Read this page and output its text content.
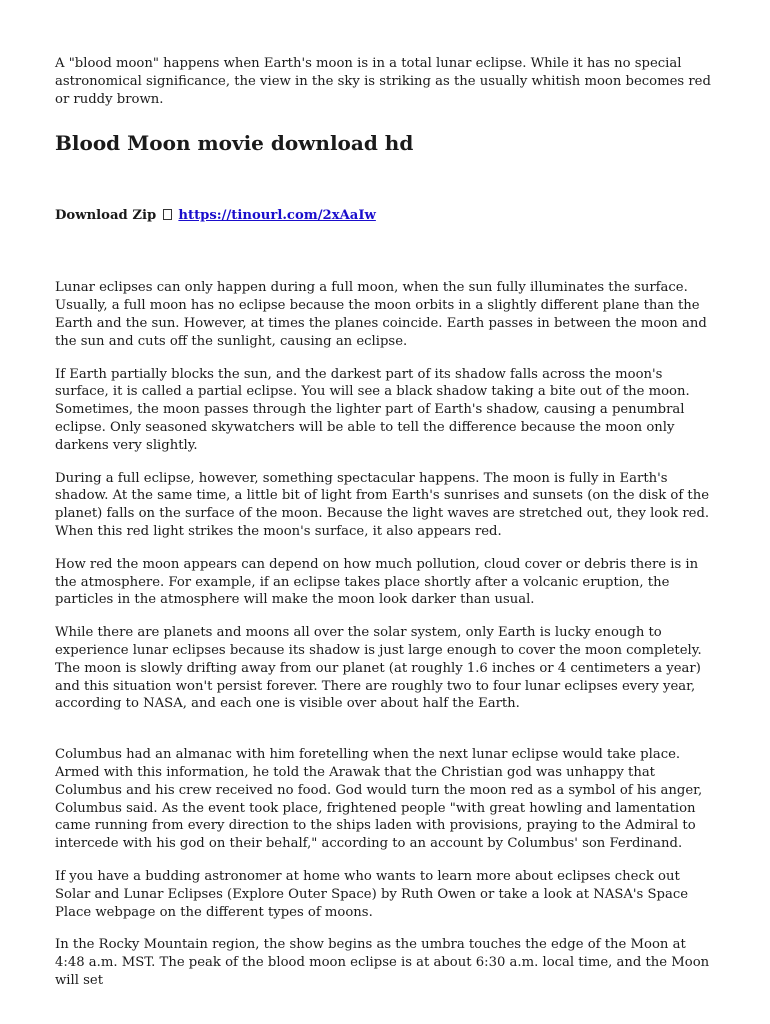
A "blood moon" happens when Earth's moon is in a total lunar eclipse. While it has no special astronomical significance, the view in the sky is striking as the usually whitish moon becomes red or ruddy brown.

Blood Moon movie download hd
Download Zip https://tinourl.com/2xAaIw

Lunar eclipses can only happen during a full moon, when the sun fully illuminates the surface. Usually, a full moon has no eclipse because the moon orbits in a slightly different plane than the Earth and the sun. However, at times the planes coincide. Earth passes in between the moon and the sun and cuts off the sunlight, causing an eclipse.

If Earth partially blocks the sun, and the darkest part of its shadow falls across the moon's surface, it is called a partial eclipse. You will see a black shadow taking a bite out of the moon. Sometimes, the moon passes through the lighter part of Earth's shadow, causing a penumbral eclipse. Only seasoned skywatchers will be able to tell the difference because the moon only darkens very slightly.

During a full eclipse, however, something spectacular happens. The moon is fully in Earth's shadow. At the same time, a little bit of light from Earth's sunrises and sunsets (on the disk of the planet) falls on the surface of the moon. Because the light waves are stretched out, they look red. When this red light strikes the moon's surface, it also appears red.

How red the moon appears can depend on how much pollution, cloud cover or debris there is in the atmosphere. For example, if an eclipse takes place shortly after a volcanic eruption, the particles in the atmosphere will make the moon look darker than usual.

While there are planets and moons all over the solar system, only Earth is lucky enough to experience lunar eclipses because its shadow is just large enough to cover the moon completely. The moon is slowly drifting away from our planet (at roughly 1.6 inches or 4 centimeters a year) and this situation won't persist forever. There are roughly two to four lunar eclipses every year, according to NASA, and each one is visible over about half the Earth.

Columbus had an almanac with him foretelling when the next lunar eclipse would take place. Armed with this information, he told the Arawak that the Christian god was unhappy that Columbus and his crew received no food. God would turn the moon red as a symbol of his anger, Columbus said. As the event took place, frightened people "with great howling and lamentation came running from every direction to the ships laden with provisions, praying to the Admiral to intercede with his god on their behalf," according to an account by Columbus' son Ferdinand.

If you have a budding astronomer at home who wants to learn more about eclipses check out Solar and Lunar Eclipses (Explore Outer Space) by Ruth Owen or take a look at NASA's Space Place webpage on the different types of moons.

In the Rocky Mountain region, the show begins as the umbra touches the edge of the Moon at 4:48 a.m. MST. The peak of the blood moon eclipse is at about 6:30 a.m. local time, and the Moon will set
